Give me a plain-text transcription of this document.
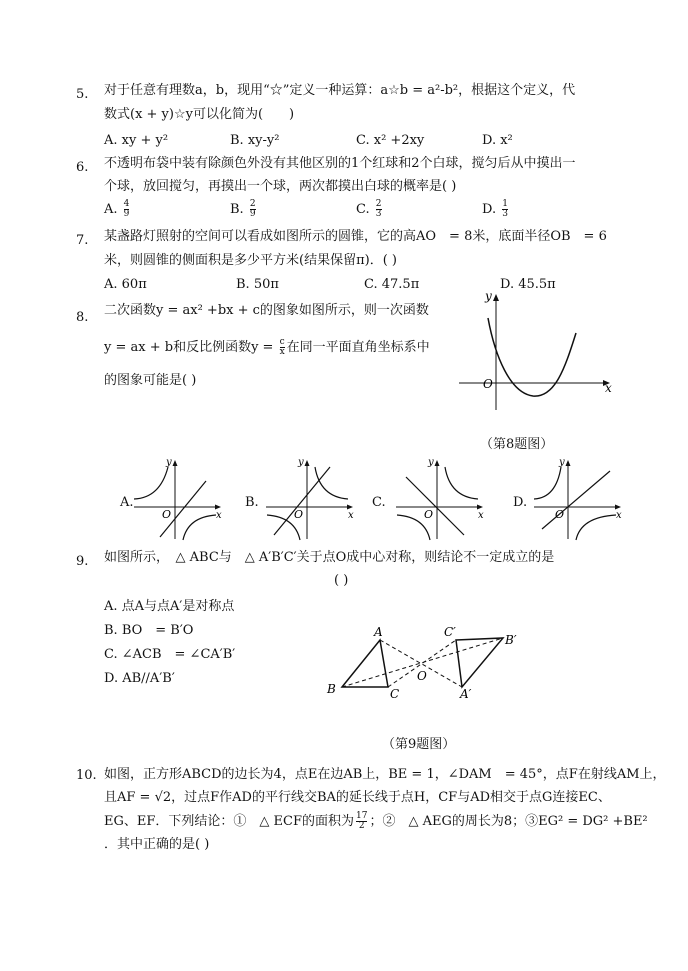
5. 对于任意有理数a，b，现用“☆”定义一种运算：a☆b = a²-b²，根据这个定义，代
数式(x + y)☆y可以化简为(　　)
A. xy + y²	B. xy-y²	C. x² +2xy	D. x²
6. 不透明布袋中装有除颜色外没有其他区别的1个红球和2个白球，搅匀后从中摸出一
个球，放回搅匀，再摸出一个球，两次都摸出白球的概率是( )
A. $\frac{4}{9}$	B. $\frac{2}{9}$	C. $\frac{2}{3}$	D. $\frac{1}{3}$
7. 某盏路灯照射的空间可以看成如图所示的圆锥，它的高AO　= 8米，底面半径OB　= 6
米，则圆锥的侧面积是多少平方米(结果保留π)．( )
A. 60π	B. 50π	C. 47.5π	D. 45.5π
8. 二次函数y = ax² +bx + c的图象如图所示，则一次函数
y = ax + b和反比例函数$y = \frac{c}{x}$ 在同一平面直角坐标系中
的图象可能是( )	O	x
y
（第8题图）
A.
O	x
y
B.
O	x
y
C.
O	x
y
D.
O	x
y
9. 如图所示，　△ ABC与　△ A′B′C′关于点O成中心对称，则结论不一定成立的是
( )
A. 点A与点A′是对称点
B. BO　= B′O
C. ∠ACB　= ∠CA′B′
D. AB//A′B′
A
B	C
O
A′
B′
C′
（第9题图）
10. 如图，正方形ABCD的边长为4，点E在边AB上，BE = 1，∠DAM　= 45°，点F在射线AM上，
且AF = √2，过点F作AD的平行线交BA的延长线于点H，CF与AD相交于点G连接EC、
EG、EF．下列结论：①　△ ECF的面积为 $\frac{17}{2}$ ；②　△ AEG的周长为8；③EG² = DG² +BE²
．其中正确的是( )
